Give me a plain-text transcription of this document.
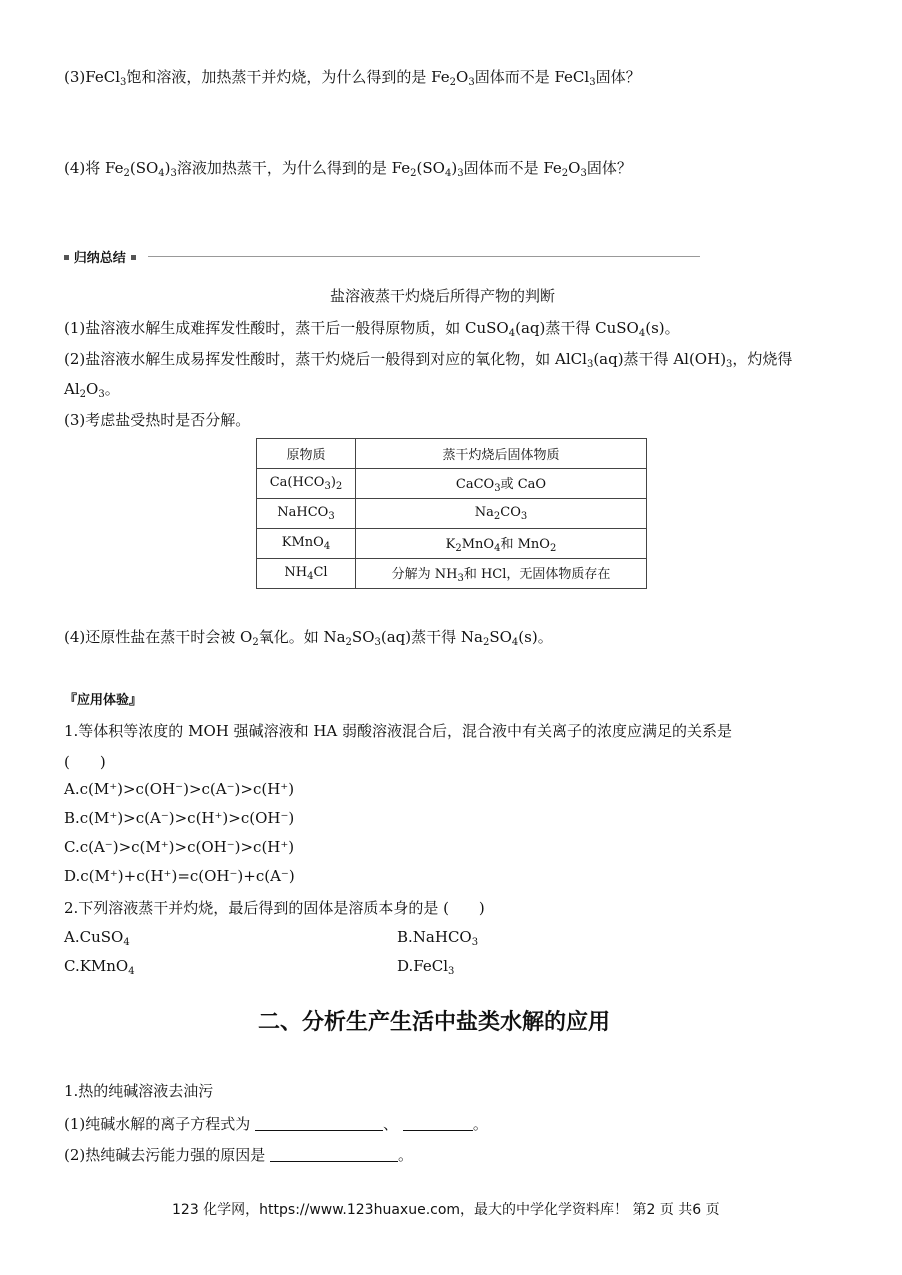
(3)FeCl$_3$饱和溶液，加热蒸干并灼烧，为什么得到的是 $Fe_2O_3$固体而不是 FeCl$_3$固体？
(4)将 $Fe_2(SO_4)_3$溶液加热蒸干，为什么得到的是 $Fe_2(SO_4)_3$固体而不是 $Fe_2O_3$固体？
归纳总结
盐溶液蒸干灼烧后所得产物的判断
(1)盐溶液水解生成难挥发性酸时，蒸干后一般得原物质，如 CuSO$_4$(aq)蒸干得 CuSO$_4$(s)。
(2)盐溶液水解生成易挥发性酸时，蒸干灼烧后一般得到对应的氧化物，如 AlCl$_3$(aq)蒸干得 $Al(OH)_3$，灼烧得
$Al_2O_3$。
(3)考虑盐受热时是否分解。
原物质	蒸干灼烧后固体物质
$Ca(HCO_3)_2$	CaCO$_3$或 CaO
NaHCO$_3$	$Na_2CO_3$
KMnO$_4$	$K_2MnO_4$和 MnO$_2$
$NH_4Cl$	分解为 $NH_3$和 HCl，无固体物质存在
(4)还原性盐在蒸干时会被 $O_2$氧化。如 $Na_2SO_3(aq)$蒸干得 $Na_2SO_4(s)$。
『应用体验』
1.等体积等浓度的 MOH 强碱溶液和 HA 弱酸溶液混合后，混合液中有关离子的浓度应满足的关系是
(　　)
A.c(M⁺)>c(OH⁻)>c(A⁻)>c(H⁺)
B.c(M⁺)>c(A⁻)>c(H⁺)>c(OH⁻)
C.c(A⁻)>c(M⁺)>c(OH⁻)>c(H⁺)
D.c(M⁺)+c(H⁺)=c(OH⁻)+c(A⁻)
2.下列溶液蒸干并灼烧，最后得到的固体是溶质本身的是 (　　)
A.CuSO$_4$	B.NaHCO$_3$
C.KMnO$_4$	D.FeCl$_3$
二、分析生产生活中盐类水解的应用
1.热的纯碱溶液去油污
(1)纯碱水解的离子方程式为	、	。
(2)热纯碱去污能力强的原因是	。
123 化学网，https://www.123huaxue.com，最大的中学化学资料库！ 第2 页 共6 页
